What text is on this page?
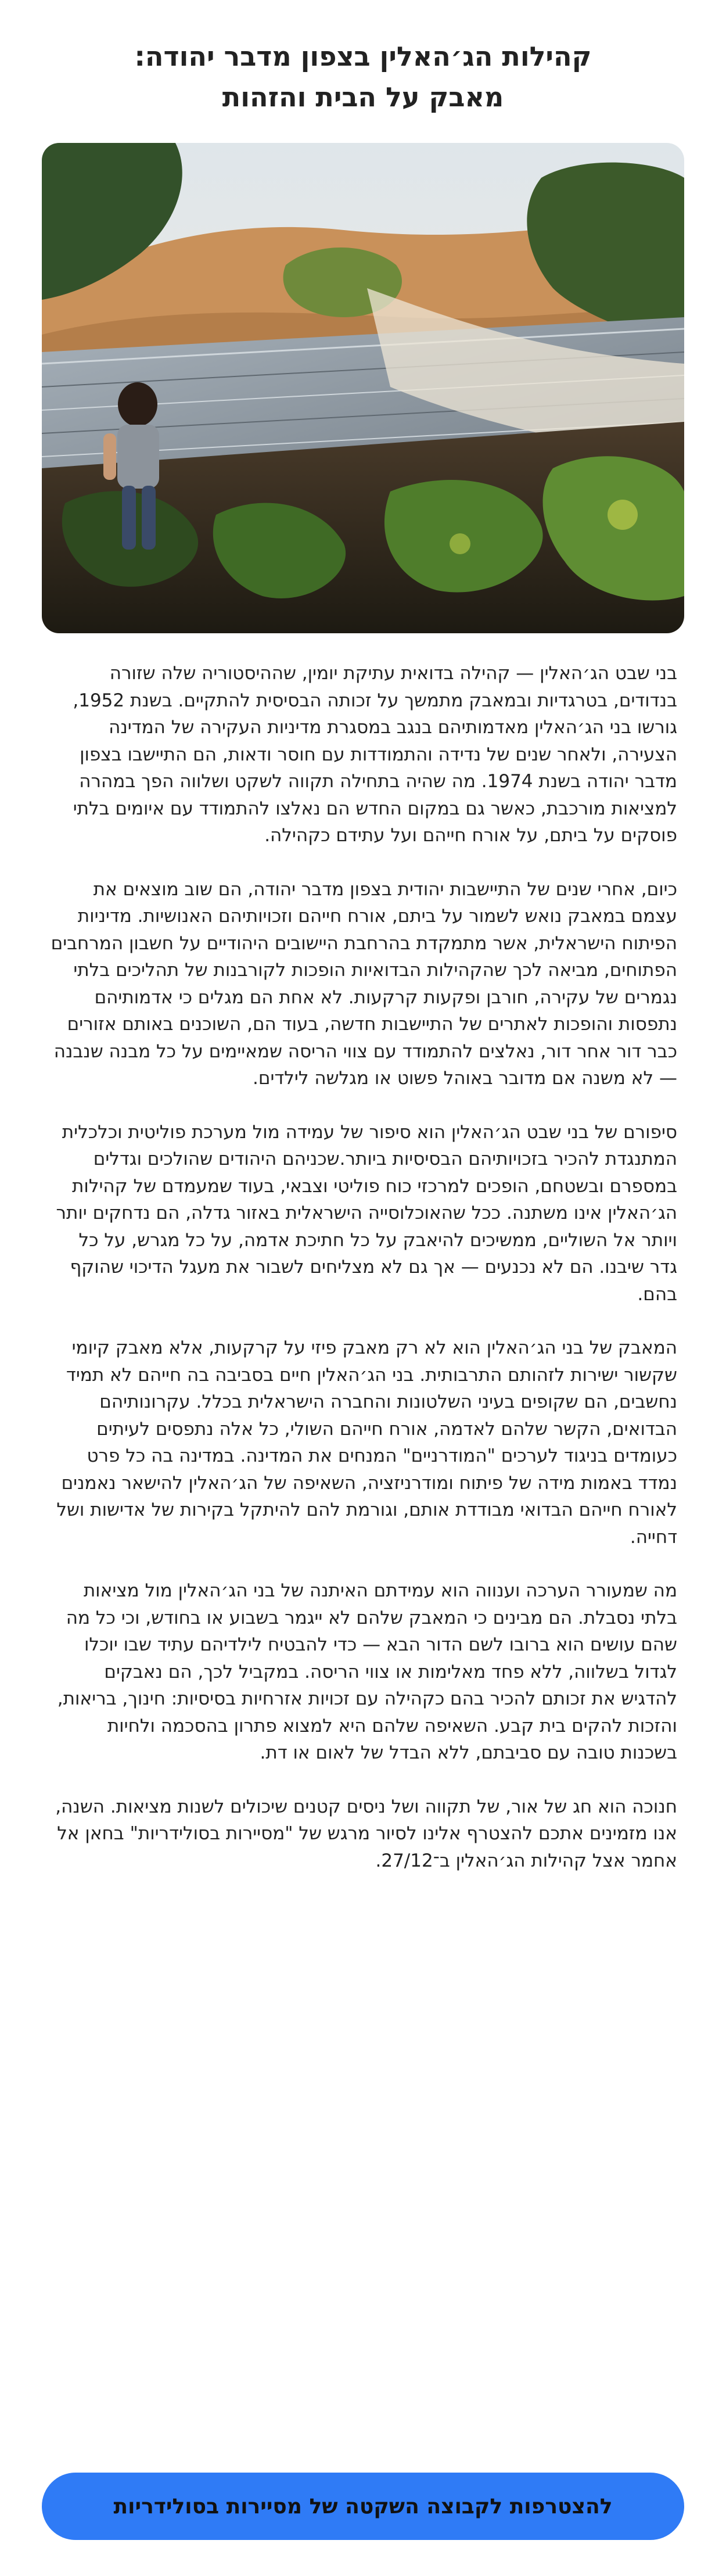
קהילות הג׳האלין בצפון מדבר יהודה:
מאבק על הבית והזהות

בני שבט הג׳האלין — קהילה בדואית עתיקת יומין, שההיסטוריה שלה שזורה בנדודים, בטרגדיות ובמאבק מתמשך על זכותה הבסיסית להתקיים. בשנת 1952, גורשו בני הג׳האלין מאדמותיהם בנגב במסגרת מדיניות העקירה של המדינה הצעירה, ולאחר שנים של נדידה והתמודדות עם חוסר ודאות, הם התיישבו בצפון מדבר יהודה בשנת 1974. מה שהיה בתחילה תקווה לשקט ושלווה הפך במהרה למציאות מורכבת, כאשר גם במקום החדש הם נאלצו להתמודד עם איומים בלתי פוסקים על ביתם, על אורח חייהם ועל עתידם כקהילה.

כיום, אחרי שנים של התיישבות יהודית בצפון מדבר יהודה, הם שוב מוצאים את עצמם במאבק נואש לשמור על ביתם, אורח חייהם וזכויותיהם האנושיות. מדיניות הפיתוח הישראלית, אשר מתמקדת בהרחבת היישובים היהודיים על חשבון המרחבים הפתוחים, מביאה לכך שהקהילות הבדואיות הופכות לקורבנות של תהליכים בלתי נגמרים של עקירה, חורבן ופקעות קרקעות. לא אחת הם מגלים כי אדמותיהם נתפסות והופכות לאתרים של התיישבות חדשה, בעוד הם, השוכנים באותם אזורים כבר דור אחר דור, נאלצים להתמודד עם צווי הריסה שמאיימים על כל מבנה שנבנה — לא משנה אם מדובר באוהל פשוט או מגלשה לילדים.

סיפורם של בני שבט הג׳האלין הוא סיפור של עמידה מול מערכת פוליטית וכלכלית המתנגדת להכיר בזכויותיהם הבסיסיות ביותר.שכניהם היהודים שהולכים וגדלים במספרם ובשטחם, הופכים למרכזי כוח פוליטי וצבאי, בעוד שמעמדם של קהילות הג׳האלין אינו משתנה. ככל שהאוכלוסייה הישראלית באזור גדלה, הם נדחקים יותר ויותר אל השוליים, ממשיכים להיאבק על כל חתיכת אדמה, על כל מגרש, על כל גדר שיבנו. הם לא נכנעים — אך גם לא מצליחים לשבור את מעגל הדיכוי שהוקף בהם.

המאבק של בני הג׳האלין הוא לא רק מאבק פיזי על קרקעות, אלא מאבק קיומי שקשור ישירות לזהותם התרבותית. בני הג׳האלין חיים בסביבה בה חייהם לא תמיד נחשבים, הם שקופים בעיני השלטונות והחברה הישראלית בכלל. עקרונותיהם הבדואים, הקשר שלהם לאדמה, אורח חייהם השולי, כל אלה נתפסים לעיתים כעומדים בניגוד לערכים "המודרניים" המנחים את המדינה. במדינה בה כל פרט נמדד באמות מידה של פיתוח ומודרניזציה, השאיפה של הג׳האלין להישאר נאמנים לאורח חייהם הבדואי מבודדת אותם, וגורמת להם להיתקל בקירות של אדישות ושל דחייה.

מה שמעורר הערכה וענווה הוא עמידתם האיתנה של בני הג׳האלין מול מציאות בלתי נסבלת. הם מבינים כי המאבק שלהם לא ייגמר בשבוע או בחודש, וכי כל מה שהם עושים הוא ברובו לשם הדור הבא — כדי להבטיח לילדיהם עתיד שבו יוכלו לגדול בשלווה, ללא פחד מאלימות או צווי הריסה. במקביל לכך, הם נאבקים להדגיש את זכותם להכיר בהם כקהילה עם זכויות אזרחיות בסיסיות: חינוך, בריאות, והזכות להקים בית קבע. השאיפה שלהם היא למצוא פתרון בהסכמה ולחיות בשכנות טובה עם סביבתם, ללא הבדל של לאום או דת.

חנוכה הוא חג של אור, של תקווה ושל ניסים קטנים שיכולים לשנות מציאות. השנה, אנו מזמינים אתכם להצטרף אלינו לסיור מרגש של "מסיירות בסולידריות" בחאן אל אחמר אצל קהילות הג׳האלין ב־27/12.

להצטרפות לקבוצה השקטה של מסיירות בסולידריות
